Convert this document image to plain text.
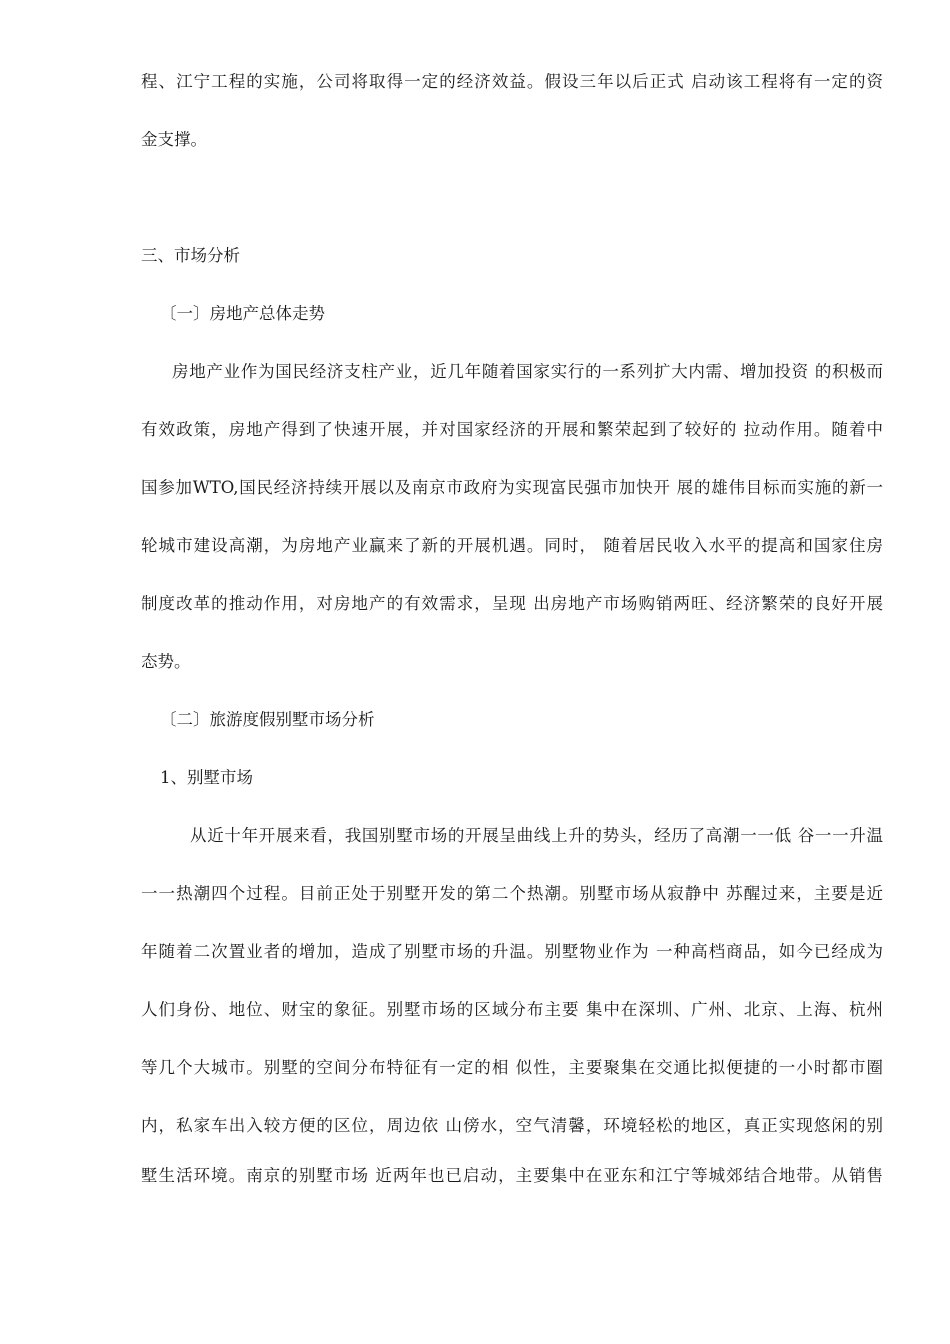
程、江宁工程的实施，公司将取得一定的经济效益。假设三年以后正式 启动该工程将有一定的资
金支撑。
三、市场分析
〔一〕房地产总体走势
房地产业作为国民经济支柱产业，近几年随着国家实行的一系列扩大内需、增加投资 的积极而
有效政策，房地产得到了快速开展，并对国家经济的开展和繁荣起到了较好的 拉动作用。随着中
国参加WTO,国民经济持续开展以及南京市政府为实现富民强市加快开 展的雄伟目标而实施的新一
轮城市建设高潮，为房地产业赢来了新的开展机遇。同时， 随着居民收入水平的提高和国家住房
制度改革的推动作用，对房地产的有效需求，呈现 出房地产市场购销两旺、经济繁荣的良好开展
态势。
〔二〕旅游度假别墅市场分析
1、别墅市场
从近十年开展来看，我国别墅市场的开展呈曲线上升的势头，经历了高潮一一低 谷一一升温
一一热潮四个过程。目前正处于别墅开发的第二个热潮。别墅市场从寂静中 苏醒过来，主要是近
年随着二次置业者的增加，造成了别墅市场的升温。别墅物业作为 一种高档商品，如今已经成为
人们身份、地位、财宝的象征。别墅市场的区域分布主要 集中在深圳、广州、北京、上海、杭州
等几个大城市。别墅的空间分布特征有一定的相 似性，主要聚集在交通比拟便捷的一小时都市圈
内，私家车出入较方便的区位，周边依 山傍水，空气清馨，环境轻松的地区，真正实现悠闲的别
墅生活环境。南京的别墅市场 近两年也已启动，主要集中在亚东和江宁等城郊结合地带。从销售
